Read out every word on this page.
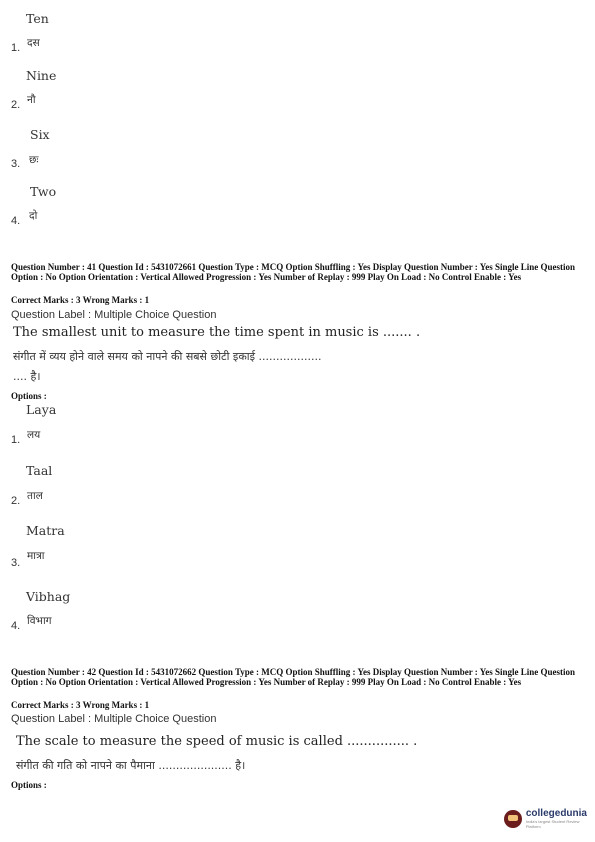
Ten
1. दस
Nine
2. नौ
Six
3. छः
Two
4. दो
Question Number : 41 Question Id : 5431072661 Question Type : MCQ Option Shuffling : Yes Display Question Number : Yes Single Line Question Option : No Option Orientation : Vertical Allowed Progression : Yes Number of Replay : 999 Play On Load : No Control Enable : Yes
Correct Marks : 3 Wrong Marks : 1
Question Label : Multiple Choice Question
The smallest unit to measure the time spent in music is ....... .
संगीत में व्यय होने वाले समय को नापने की सबसे छोटी इकाई ..................
.... है।
Options :
Laya
1. लय
Taal
2. ताल
Matra
3.
मात्रा
Vibhag
4. विभाग
Question Number : 42 Question Id : 5431072662 Question Type : MCQ Option Shuffling : Yes Display Question Number : Yes Single Line Question Option : No Option Orientation : Vertical Allowed Progression : Yes Number of Replay : 999 Play On Load : No Control Enable : Yes
Correct Marks : 3 Wrong Marks : 1
Question Label : Multiple Choice Question
The scale to measure the speed of music is called ............... .
संगीत की गति को नापने का पैमाना ..................... है।
Options :
collegedunia
India's largest Student Review Platform
